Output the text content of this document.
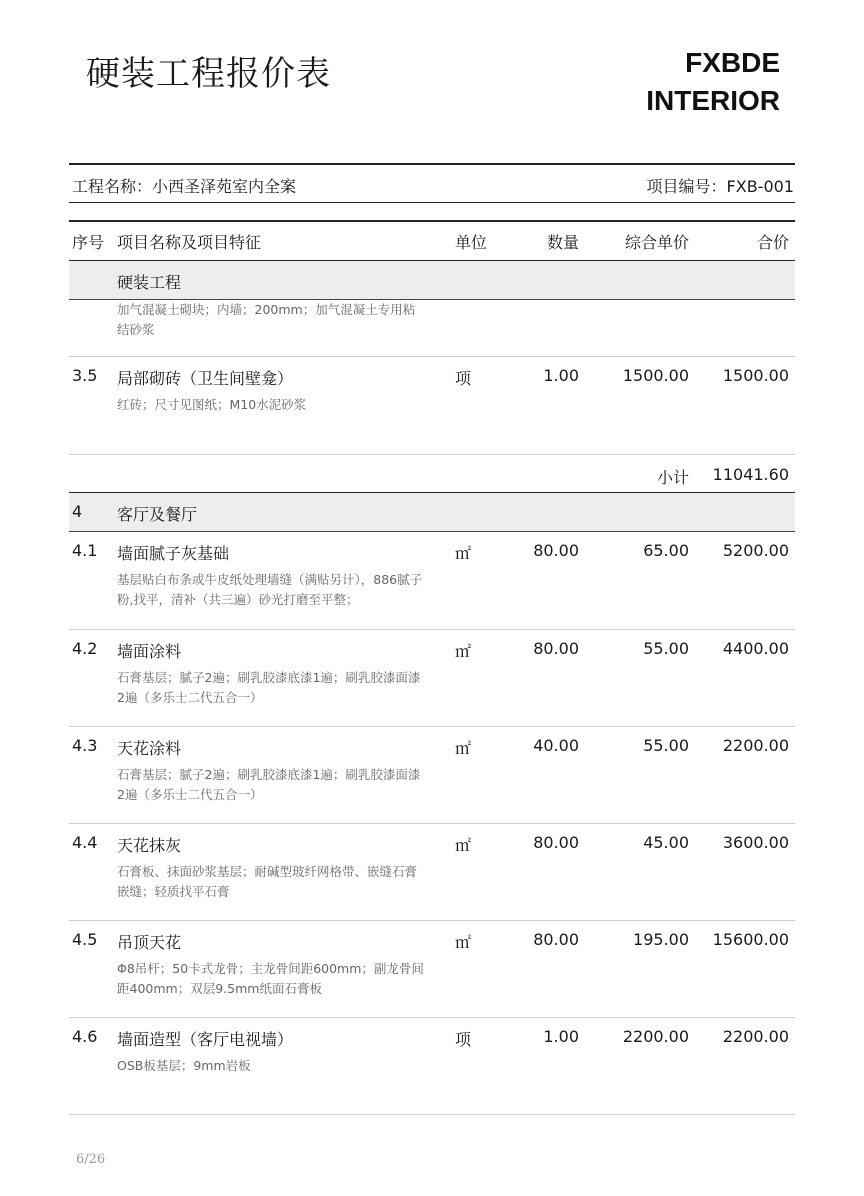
硬装工程报价表	FXBDE
INTERIOR
工程名称：小西圣泽苑室内全案	项目编号：FXB-001
序号 项目名称及项目特征	单位	数量	综合单价	合价
硬装工程
加气混凝土砌块；内墙；200mm；加气混凝土专用粘结砂浆
3.5 局部砌砖（卫生间壁龛）	项	1.00	1500.00 1500.00
红砖；尺寸见图纸；M10水泥砂浆
小计 11041.60
4 客厅及餐厅
4.1 墙面腻子灰基础	㎡	80.00	65.00 5200.00
基层贴白布条或牛皮纸处理墙缝（满贴另计），886腻子粉,找平，清补（共三遍）砂光打磨至平整；
4.2 墙面涂料	㎡	80.00	55.00 4400.00
石膏基层；腻子2遍；刷乳胶漆底漆1遍；刷乳胶漆面漆2遍（多乐士二代五合一）
4.3 天花涂料	㎡	40.00	55.00 2200.00
石膏基层；腻子2遍；刷乳胶漆底漆1遍；刷乳胶漆面漆2遍（多乐士二代五合一）
4.4 天花抹灰	㎡	80.00	45.00 3600.00
石膏板、抹面砂浆基层；耐碱型玻纤网格带、嵌缝石膏嵌缝；轻质找平石膏
4.5 吊顶天花	㎡	80.00	195.00 15600.00
Φ8吊杆；50卡式龙骨；主龙骨间距600mm；副龙骨间距400mm；双层9.5mm纸面石膏板
4.6 墙面造型（客厅电视墙）	项	1.00	2200.00 2200.00
OSB板基层；9mm岩板
6/26
